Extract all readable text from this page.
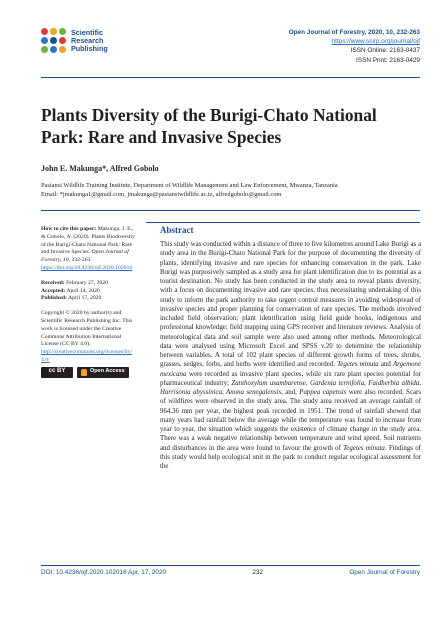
Scientific
Research
Publishing
Open Journal of Forestry, 2020, 10, 232-263
https://www.scirp.org/journal/ojf
ISSN Online: 2163-0437
ISSN Print: 2163-0429
Plants Diversity of the Burigi-Chato National Park: Rare and Invasive Species
John E. Makunga*, Alfred Gobolo
Pasiansi Wildlife Training Institute, Department of Wildlife Management and Law Enforcement, Mwanza, Tanzania
Email: *jmakunga1@gmail.com, jmakunga@pasiansiwildlife.ac.tz, alfredgobolo@gmail.com
How to cite this paper: Makunga, J. E., & Gobolo, A. (2020). Plants Biodiversity of the Burigi-Chato National Park: Rare and Invasive Species. Open Journal of Forestry, 10, 232-263.
https://doi.org/10.4236/ojf.2020.102016
Received: February 27, 2020
Accepted: April 14, 2020
Published: April 17, 2020
Copyright © 2020 by author(s) and Scientific Research Publishing Inc. This work is licensed under the Creative Commons Attribution International License (CC BY 4.0).
http://creativecommons.org/licenses/by/4.0/
cc BY	Open Access
Abstract

This study was conducted within a distance of three to five kilometres around Lake Burigi as a study area in the Burigi-Chato National Park for the purpose of documenting the diversity of plants, identifying invasive and rare species for enhancing conservation in the park. Lake Burigi was purposively sampled as a study area for plant identification due to its potential as a tourist destination. No study has been conducted in the study area to reveal plants diversity, with a focus on documenting invasive and rare species, thus necessitating undertaking of this study to inform the park authority to take urgent control measures in avoiding widespread of invasive species and proper planning for conservation of rare species. The methods involved included field observation; plant identification using field guide books, indigenous and professional knowledge; field mapping using GPS receiver and literature reviews. Analysis of meteorological data and soil sample were also used among other methods. Meteorological data were analysed using Microsoft Excel and SPSS v.20 to determine the relationship between variables. A total of 102 plant species of different growth forms of trees, shrubs, grasses, sedges, forbs, and herbs were identified and recorded. Tegetes minuta and Argemone mexicana were recorded as invasive plant species, while six rare plant species potential for pharmaceutical industry; Zanthoxylum usambarense, Gardenia ternifolia, Faidherbia albida, Harrisonia abyssinica, Anona senegalensis, and, Pappea capensis were also recorded. Scars of wildfires were observed in the study area. The study area received an average rainfall of 964.36 mm per year, the highest peak recorded in 1951. The trend of rainfall showed that many years had rainfall below the average while the temperature was found to increase from year to year, the situation which suggests the existence of climate change in the study area. There was a weak negative relationship between temperature and wind speed. Soil nutrients and disturbances in the area were found to favour the growth of Tegetes minuta. Findings of this study would help ecological unit in the park to conduct regular ecological assessment for the

DOI: 10.4236/ojf.2020.102016 Apr. 17, 2020	232	Open Journal of Forestry
